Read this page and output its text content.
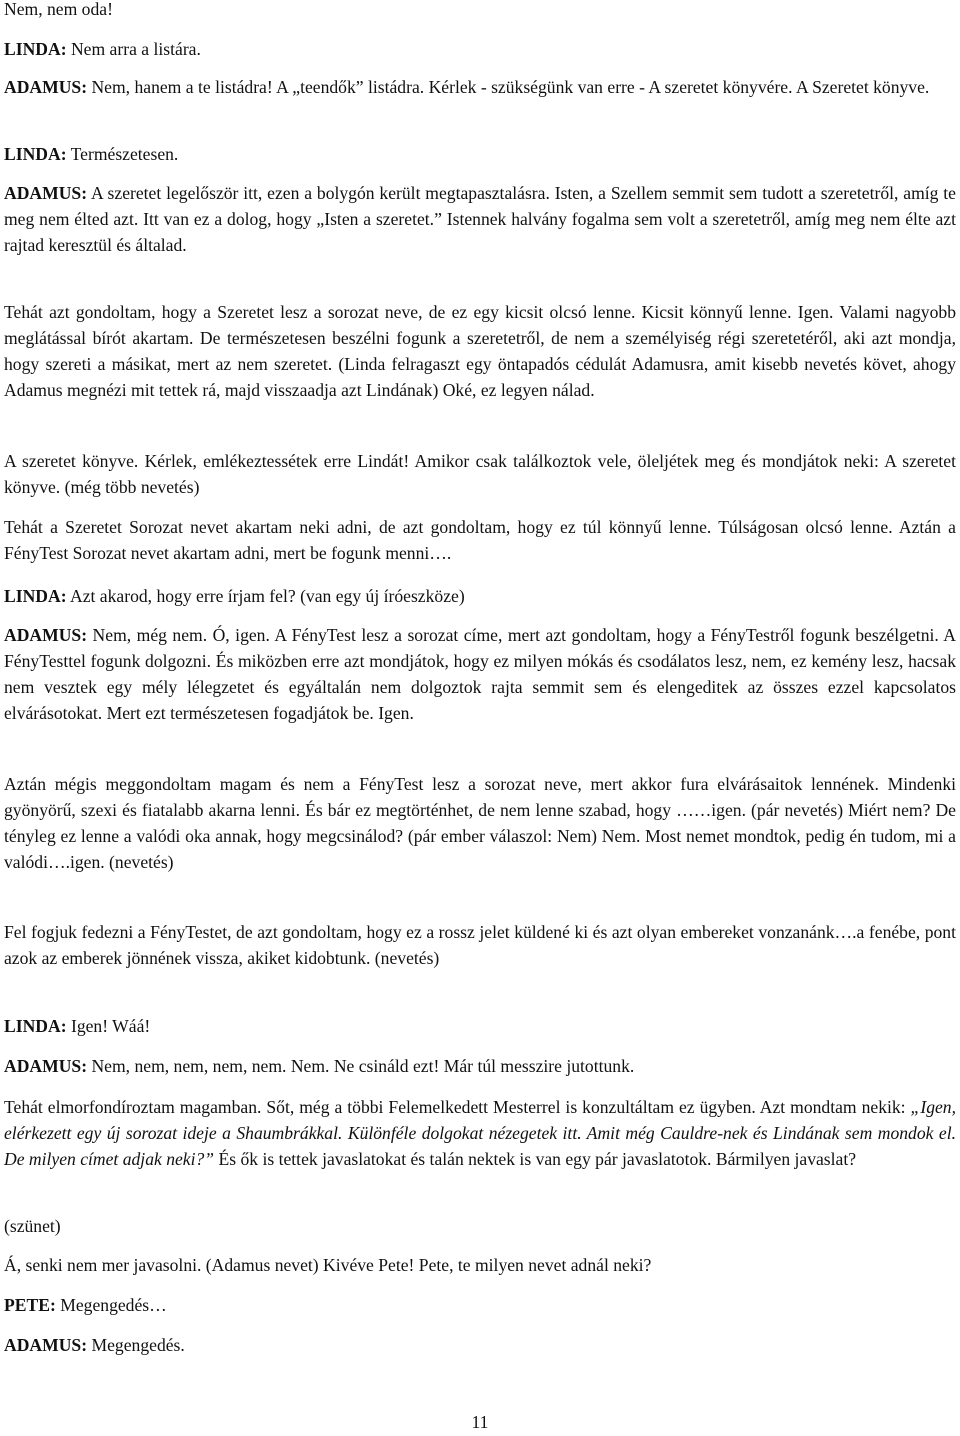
Nem, nem oda!

LINDA: Nem arra a listára.

ADAMUS: Nem, hanem a te listádra! A „teendők” listádra. Kérlek - szükségünk van erre - A szeretet könyvére. A Szeretet könyve.

LINDA: Természetesen.

ADAMUS: A szeretet legelőször itt, ezen a bolygón került megtapasztalásra. Isten, a Szellem semmit sem tudott a szeretetről, amíg te meg nem élted azt. Itt van ez a dolog, hogy „Isten a szeretet.” Istennek halvány fogalma sem volt a szeretetről, amíg meg nem élte azt rajtad keresztül és általad.

Tehát azt gondoltam, hogy a Szeretet lesz a sorozat neve, de ez egy kicsit olcsó lenne. Kicsit könnyű lenne. Igen. Valami nagyobb meglátással bírót akartam. De természetesen beszélni fogunk a szeretetről, de nem a személyiség régi szeretetéről, aki azt mondja, hogy szereti a másikat, mert az nem szeretet. (Linda felragaszt egy öntapadós cédulát Adamusra, amit kisebb nevetés követ, ahogy Adamus megnézi mit tettek rá, majd visszaadja azt Lindának) Oké, ez legyen nálad.

A szeretet könyve. Kérlek, emlékeztessétek erre Lindát! Amikor csak találkoztok vele, öleljétek meg és mondjátok neki: A szeretet könyve. (még több nevetés)

Tehát a Szeretet Sorozat nevet akartam neki adni, de azt gondoltam, hogy ez túl könnyű lenne. Túlságosan olcsó lenne. Aztán a FényTest Sorozat nevet akartam adni, mert be fogunk menni….

LINDA: Azt akarod, hogy erre írjam fel? (van egy új íróeszköze)

ADAMUS: Nem, még nem. Ó, igen. A FényTest lesz a sorozat címe, mert azt gondoltam, hogy a FényTestről fogunk beszélgetni. A FényTesttel fogunk dolgozni. És miközben erre azt mondjátok, hogy ez milyen mókás és csodálatos lesz, nem, ez kemény lesz, hacsak nem vesztek egy mély lélegzetet és egyáltalán nem dolgoztok rajta semmit sem és elengeditek az összes ezzel kapcsolatos elvárásotokat. Mert ezt természetesen fogadjátok be. Igen.

Aztán mégis meggondoltam magam és nem a FényTest lesz a sorozat neve, mert akkor fura elvárásaitok lennének. Mindenki gyönyörű, szexi és fiatalabb akarna lenni. És bár ez megtörténhet, de nem lenne szabad, hogy ……igen. (pár nevetés) Miért nem? De tényleg ez lenne a valódi oka annak, hogy megcsinálod? (pár ember válaszol: Nem) Nem. Most nemet mondtok, pedig én tudom, mi a valódi….igen. (nevetés)

Fel fogjuk fedezni a FényTestet, de azt gondoltam, hogy ez a rossz jelet küldené ki és azt olyan embereket vonzanánk….a fenébe, pont azok az emberek jönnének vissza, akiket kidobtunk. (nevetés)

LINDA: Igen! Wáá!

ADAMUS: Nem, nem, nem, nem, nem. Nem. Ne csináld ezt! Már túl messzire jutottunk.

Tehát elmorfondíroztam magamban. Sőt, még a többi Felemelkedett Mesterrel is konzultáltam ez ügyben. Azt mondtam nekik: „Igen, elérkezett egy új sorozat ideje a Shaumbrákkal. Különféle dolgokat nézegetek itt. Amit még Cauldre-nek és Lindának sem mondok el. De milyen címet adjak neki?” És ők is tettek javaslatokat és talán nektek is van egy pár javaslatotok. Bármilyen javaslat?

(szünet)

Á, senki nem mer javasolni. (Adamus nevet) Kivéve Pete! Pete, te milyen nevet adnál neki?

PETE: Megengedés…

ADAMUS: Megengedés.

11
